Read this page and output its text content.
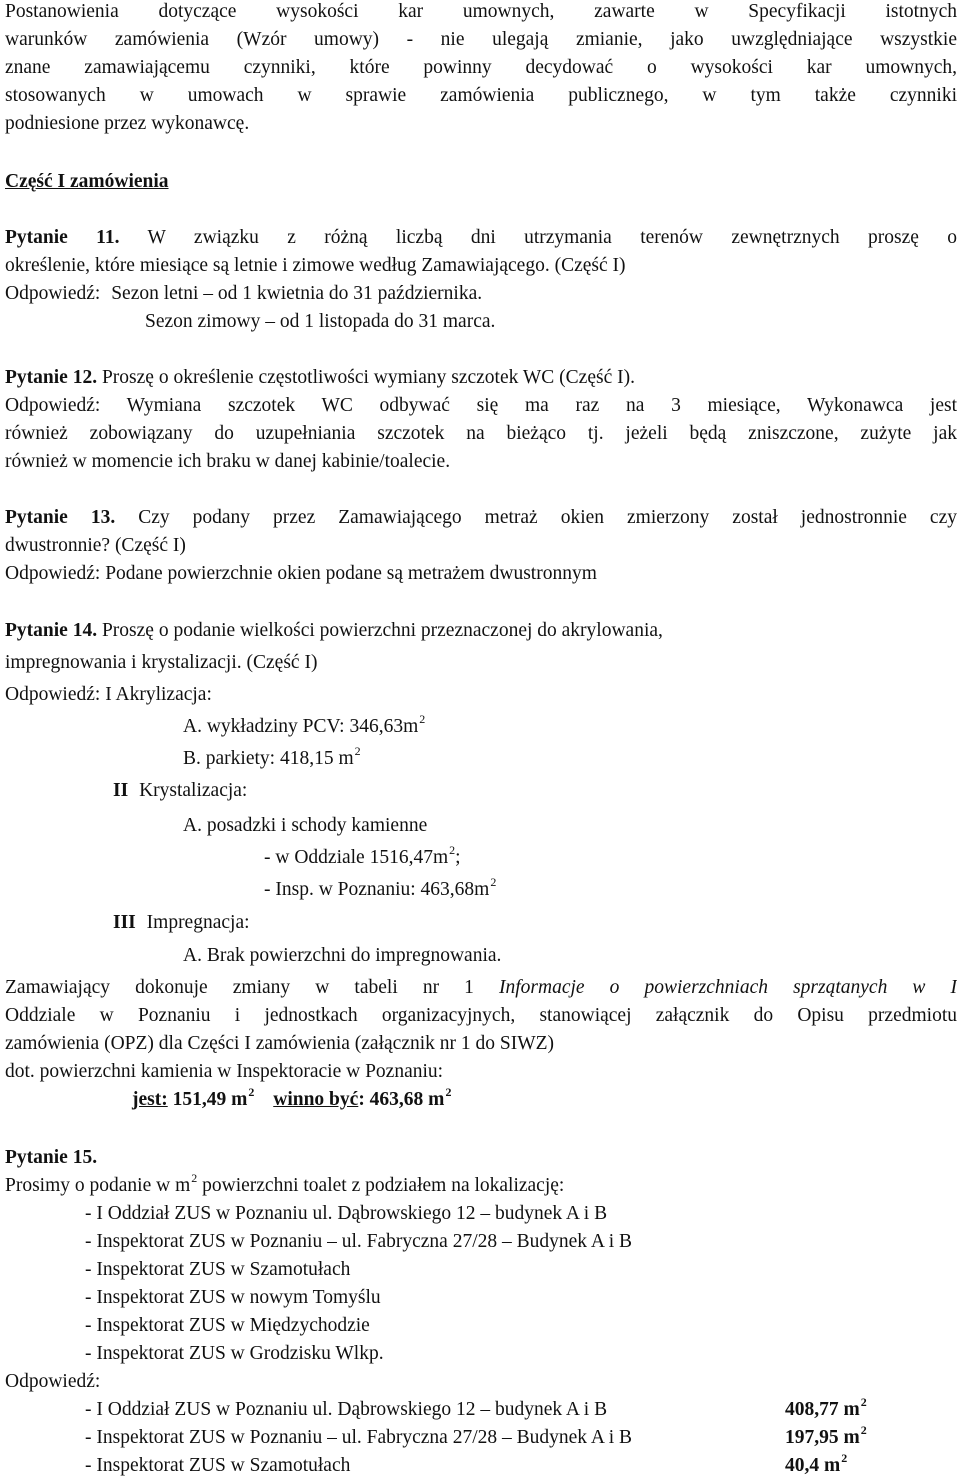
Postanowienia dotyczące wysokości kar umownych, zawarte w Specyfikacji istotnych
warunków zamówienia (Wzór umowy) - nie ulegają zmianie, jako uwzględniające wszystkie
znane zamawiającemu czynniki, które powinny decydować o wysokości kar umownych,
stosowanych w umowach w sprawie zamówienia publicznego, w tym także czynniki
podniesione przez wykonawcę.
Część I zamówienia
Pytanie 11. W związku z różną liczbą dni utrzymania terenów zewnętrznych proszę o
określenie, które miesiące są letnie i zimowe według Zamawiającego. (Część I)
Odpowiedź: Sezon letni – od 1 kwietnia do 31 października.
Sezon zimowy – od 1 listopada do 31 marca.
Pytanie 12. Proszę o określenie częstotliwości wymiany szczotek WC (Część I).
Odpowiedź: Wymiana szczotek WC odbywać się ma raz na 3 miesiące, Wykonawca jest
również zobowiązany do uzupełniania szczotek na bieżąco tj. jeżeli będą zniszczone, zużyte jak
również w momencie ich braku w danej kabinie/toalecie.
Pytanie 13. Czy podany przez Zamawiającego metraż okien zmierzony został jednostronnie czy
dwustronnie? (Część I)
Odpowiedź: Podane powierzchnie okien podane są metrażem dwustronnym
Pytanie 14. Proszę o podanie wielkości powierzchni przeznaczonej do akrylowania,
impregnowania i krystalizacji. (Część I)
Odpowiedź: I Akrylizacja:
A. wykładziny PCV: $346,63m^2$
B. parkiety: 418,15 $m^2$
II Krystalizacja:
A. posadzki i schody kamienne
- w Oddziale $1516,47m^2$;
- Insp. w Poznaniu: $463,68m^2$
III Impregnacja:
A. Brak powierzchni do impregnowania.
Zamawiający dokonuje zmiany w tabeli nr 1 Informacje o powierzchniach sprzątanych w I
Oddziale w Poznaniu i jednostkach organizacyjnych, stanowiącej załącznik do Opisu przedmiotu
zamówienia (OPZ) dla Części I zamówienia (załącznik nr 1 do SIWZ)
dot. powierzchni kamienia w Inspektoracie w Poznaniu:
jest: 151,49 $m^2$ winno być: 463,68 $m^2$
Pytanie 15.
Prosimy o podanie w $m^2$ powierzchni toalet z podziałem na lokalizację:
- I Oddział ZUS w Poznaniu ul. Dąbrowskiego 12 – budynek A i B
- Inspektorat ZUS w Poznaniu – ul. Fabryczna 27/28 – Budynek A i B
- Inspektorat ZUS w Szamotułach
- Inspektorat ZUS w nowym Tomyślu
- Inspektorat ZUS w Międzychodzie
- Inspektorat ZUS w Grodzisku Wlkp.
Odpowiedź:
- I Oddział ZUS w Poznaniu ul. Dąbrowskiego 12 – budynek A i B	408,77 $m^2$
- Inspektorat ZUS w Poznaniu – ul. Fabryczna 27/28 – Budynek A i B	197,95 $m^2$
- Inspektorat ZUS w Szamotułach	40,4 $m^2$
